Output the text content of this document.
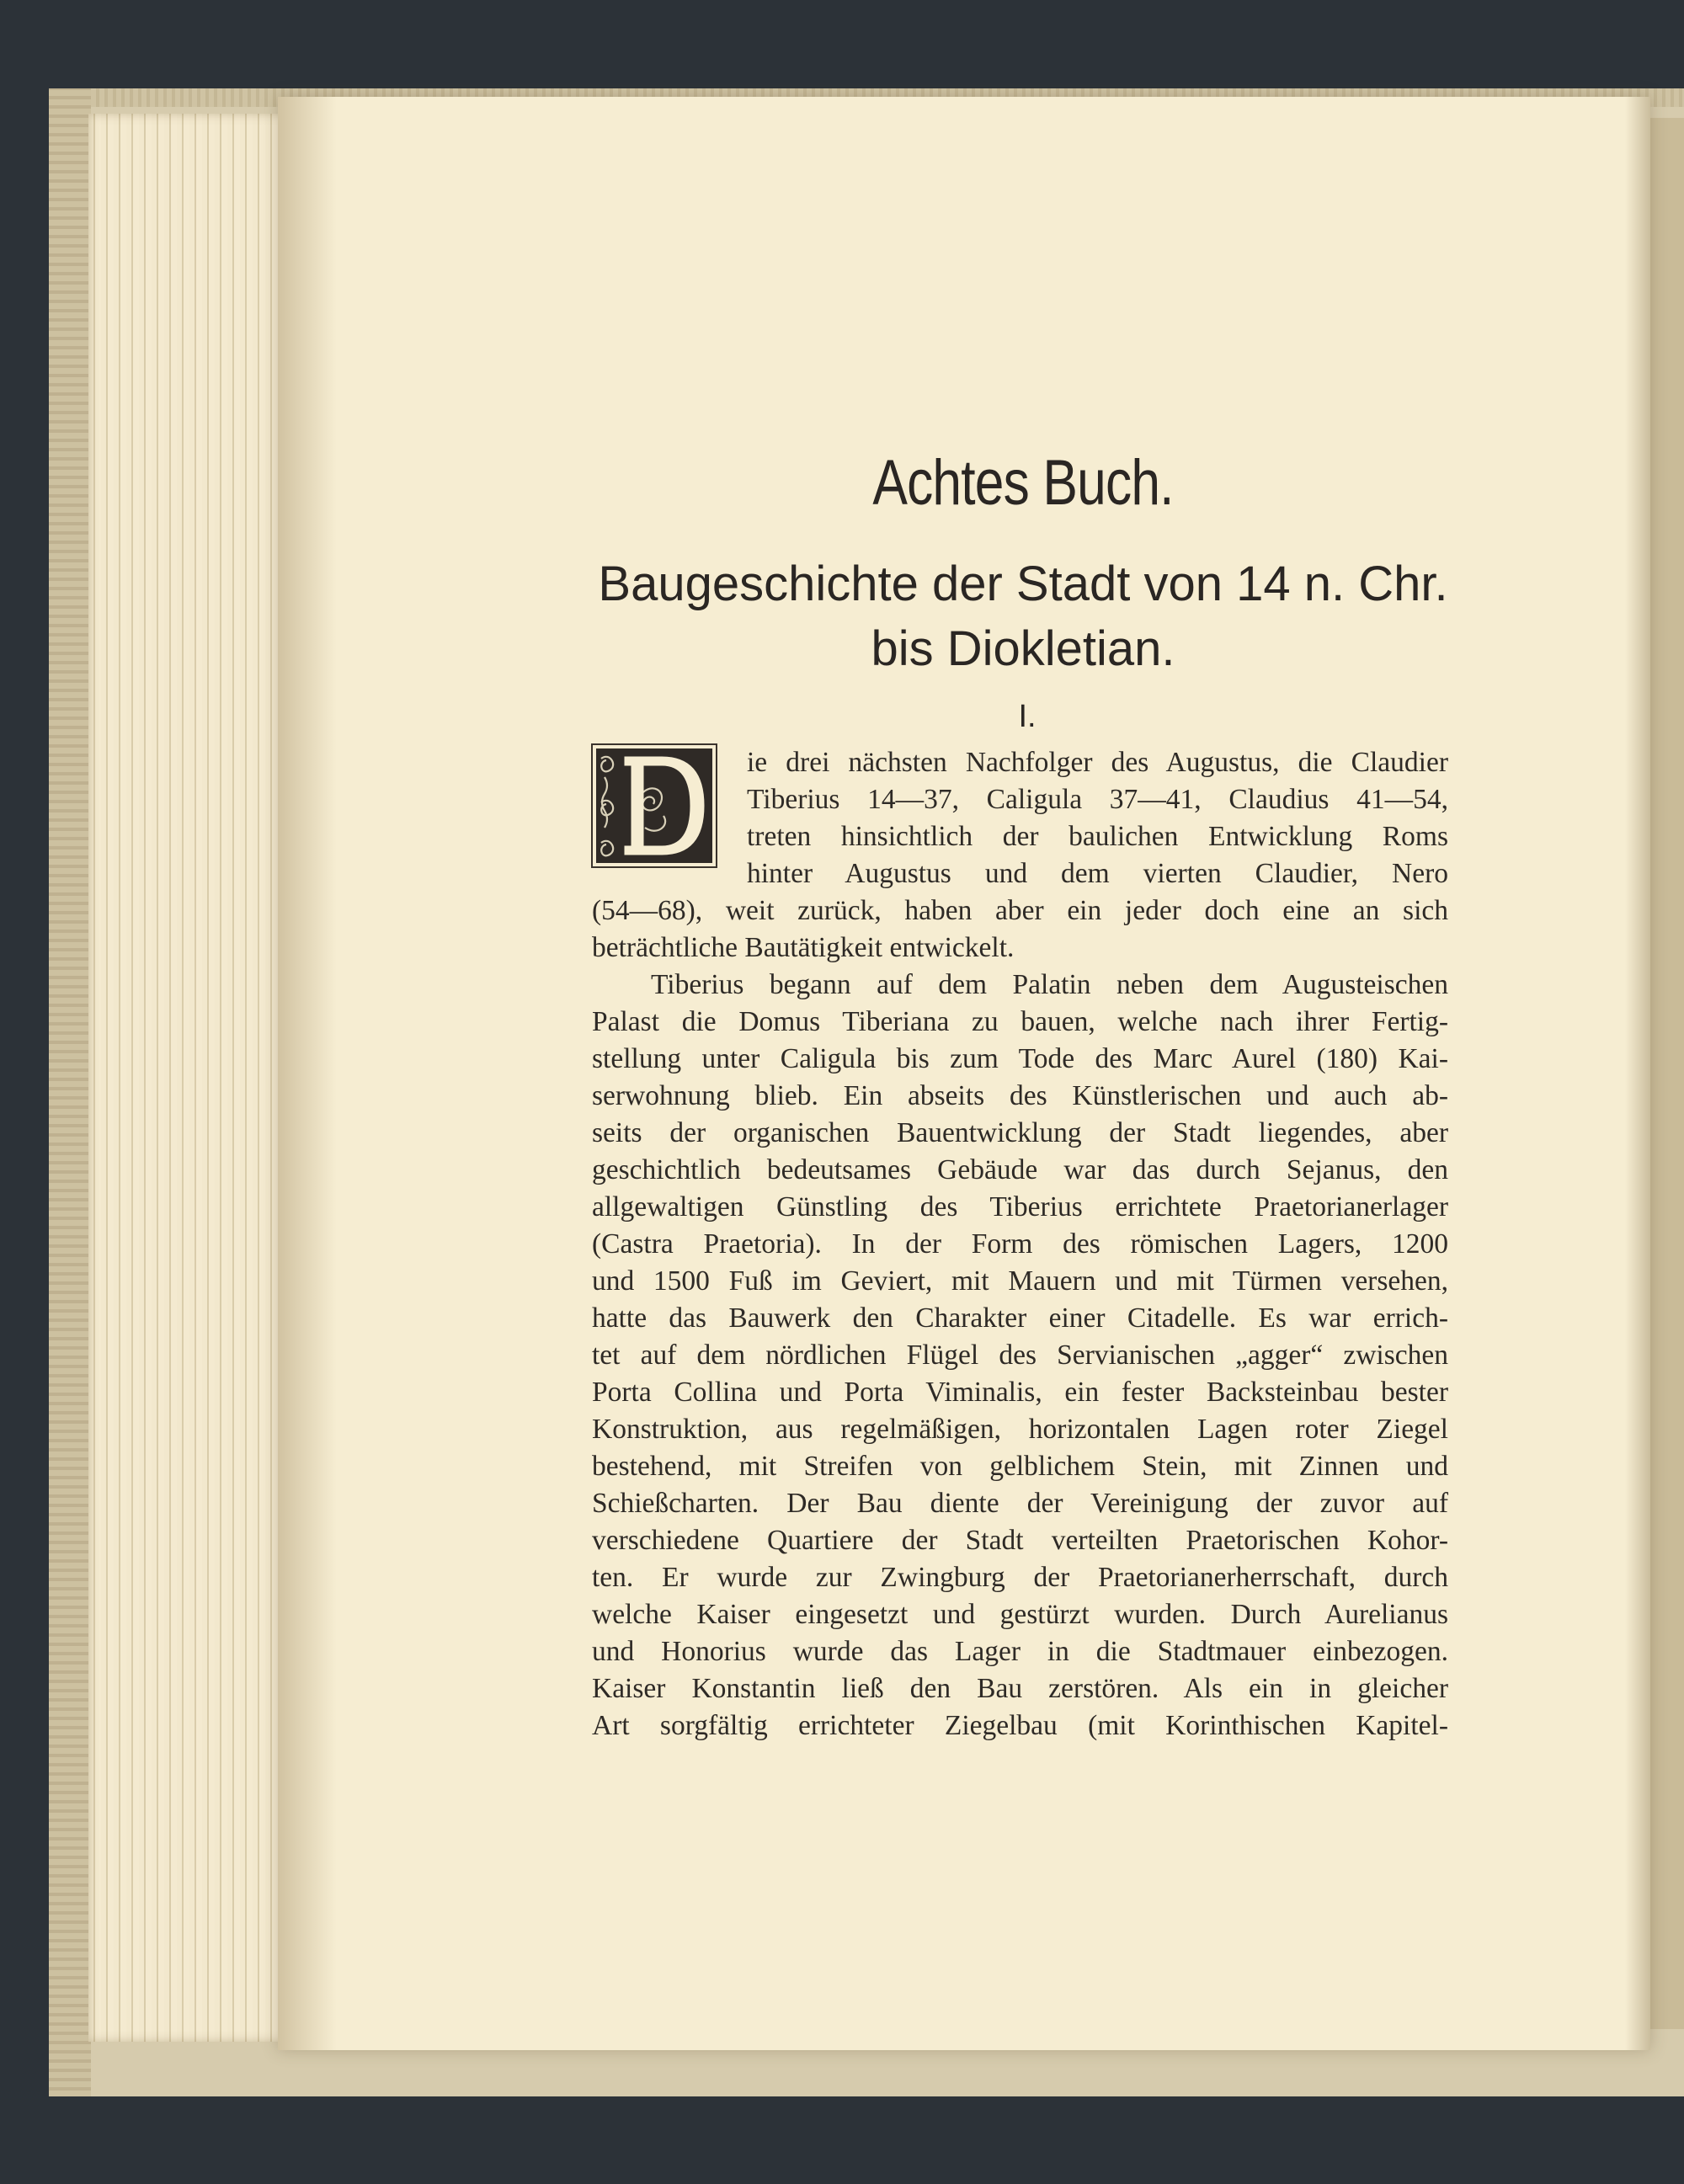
Achtes Buch.
Baugeschichte der Stadt von 14 n. Chr.
bis Diokletian.
I.
ie drei nächsten Nachfolger des Augustus, die Claudier
Tiberius 14—37, Caligula 37—41, Claudius 41—54,
treten hinsichtlich der baulichen Entwicklung Roms
hinter Augustus und dem vierten Claudier, Nero
(54—68), weit zurück, haben aber ein jeder doch eine an sich
beträchtliche Bautätigkeit entwickelt.
Tiberius begann auf dem Palatin neben dem Augusteischen
Palast die Domus Tiberiana zu bauen, welche nach ihrer Fertig-
stellung unter Caligula bis zum Tode des Marc Aurel (180) Kai-
serwohnung blieb. Ein abseits des Künstlerischen und auch ab-
seits der organischen Bauentwicklung der Stadt liegendes, aber
geschichtlich bedeutsames Gebäude war das durch Sejanus, den
allgewaltigen Günstling des Tiberius errichtete Praetorianerlager
(Castra Praetoria). In der Form des römischen Lagers, 1200
und 1500 Fuß im Geviert, mit Mauern und mit Türmen versehen,
hatte das Bauwerk den Charakter einer Citadelle. Es war errich-
tet auf dem nördlichen Flügel des Servianischen „agger“ zwischen
Porta Collina und Porta Viminalis, ein fester Backsteinbau bester
Konstruktion, aus regelmäßigen, horizontalen Lagen roter Ziegel
bestehend, mit Streifen von gelblichem Stein, mit Zinnen und
Schießcharten. Der Bau diente der Vereinigung der zuvor auf
verschiedene Quartiere der Stadt verteilten Praetorischen Kohor-
ten. Er wurde zur Zwingburg der Praetorianerherrschaft, durch
welche Kaiser eingesetzt und gestürzt wurden. Durch Aurelianus
und Honorius wurde das Lager in die Stadtmauer einbezogen.
Kaiser Konstantin ließ den Bau zerstören. Als ein in gleicher
Art sorgfältig errichteter Ziegelbau (mit Korinthischen Kapitel-
